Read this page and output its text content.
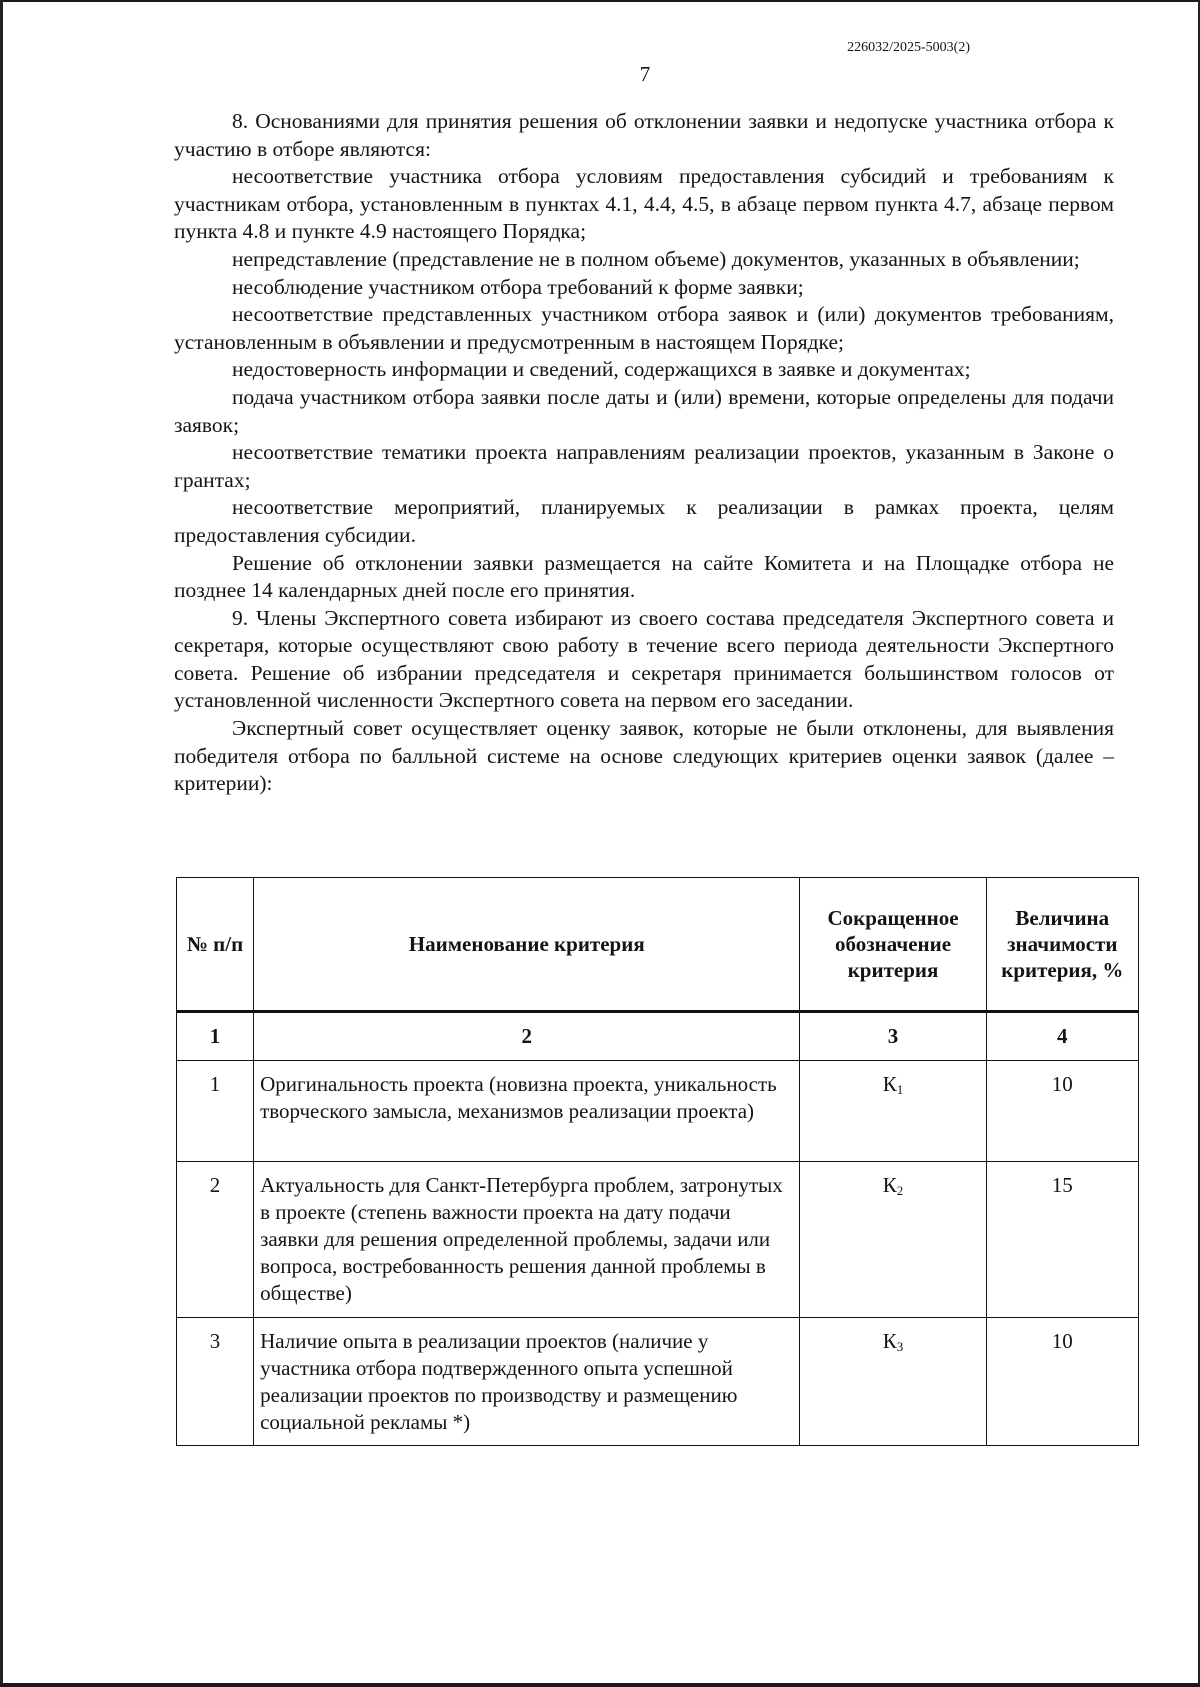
226032/2025-5003(2)
7

8. Основаниями для принятия решения об отклонении заявки и недопуске участника отбора к участию в отборе являются:

несоответствие участника отбора условиям предоставления субсидий и требованиям к участникам отбора, установленным в пунктах 4.1, 4.4, 4.5, в абзаце первом пункта 4.7, абзаце первом пункта 4.8 и пункте 4.9 настоящего Порядка;

непредставление (представление не в полном объеме) документов, указанных в объявлении;

несоблюдение участником отбора требований к форме заявки;

несоответствие представленных участником отбора заявок и (или) документов требованиям, установленным в объявлении и предусмотренным в настоящем Порядке;

недостоверность информации и сведений, содержащихся в заявке и документах;

подача участником отбора заявки после даты и (или) времени, которые определены для подачи заявок;

несоответствие тематики проекта направлениям реализации проектов, указанным в Законе о грантах;

несоответствие мероприятий, планируемых к реализации в рамках проекта, целям предоставления субсидии.

Решение об отклонении заявки размещается на сайте Комитета и на Площадке отбора не позднее 14 календарных дней после его принятия.

9. Члены Экспертного совета избирают из своего состава председателя Экспертного совета и секретаря, которые осуществляют свою работу в течение всего периода деятельности Экспертного совета. Решение об избрании председателя и секретаря принимается большинством голосов от установленной численности Экспертного совета на первом его заседании.

Экспертный совет осуществляет оценку заявок, которые не были отклонены, для выявления победителя отбора по балльной системе на основе следующих критериев оценки заявок (далее – критерии):

№ п/п	Наименование критерия	Сокращенное обозначение критерия	Величина значимости критерия, %
1	2	3	4
1	Оригинальность проекта (новизна проекта, уникальность творческого замысла, механизмов реализации проекта)	$К_1$	10
2	Актуальность для Санкт-Петербурга проблем, затронутых в проекте (степень важности проекта на дату подачи заявки для решения определенной проблемы, задачи или вопроса, востребованность решения данной проблемы в обществе)	$К_2$	15
3	Наличие опыта в реализации проектов (наличие у участника отбора подтвержденного опыта успешной реализации проектов по производству и размещению социальной рекламы *)	$К_3$	10
